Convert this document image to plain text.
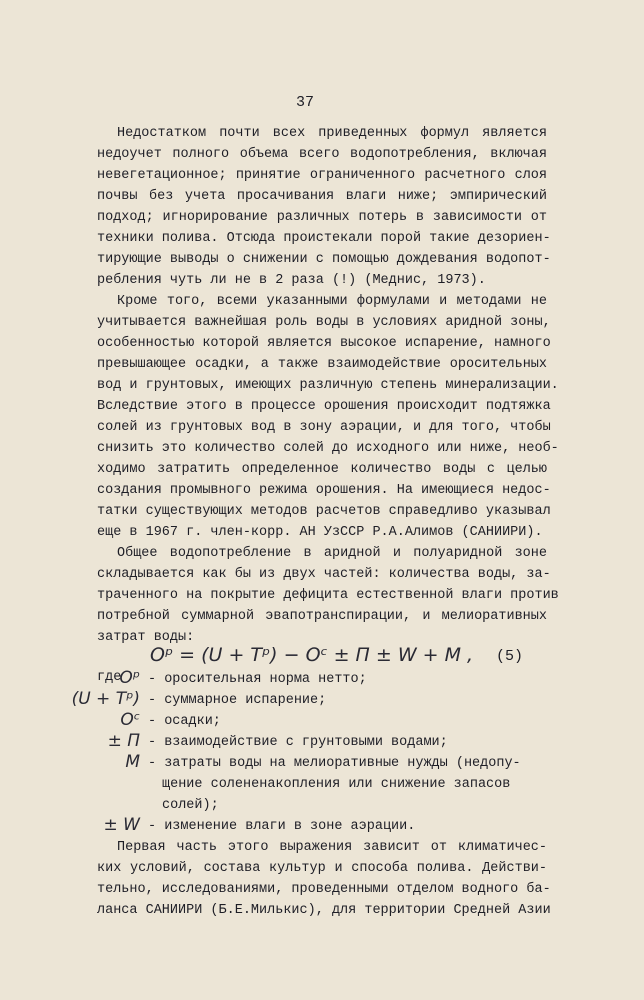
37
Недостатком почти всех приведенных формул является
недоучет полного объема всего водопотребления, включая
невегетационное; принятие ограниченного расчетного слоя
почвы без учета просачивания влаги ниже; эмпирический
подход; игнорирование различных потерь в зависимости от
техники полива. Отсюда проистекали порой такие дезориен-
тирующие выводы о снижении с помощью дождевания водопот-
ребления чуть ли не в 2 раза (!) (Меднис, 1973).
Кроме того, всеми указанными формулами и методами не
учитывается важнейшая роль воды в условиях аридной зоны,
особенностью которой является высокое испарение, намного
превышающее осадки, а также взаимодействие оросительных
вод и грунтовых, имеющих различную степень минерализации.
Вследствие этого в процессе орошения происходит подтяжка
солей из грунтовых вод в зону аэрации, и для того, чтобы
снизить это количество солей до исходного или ниже, необ-
ходимо затратить определенное количество воды с целью
создания промывного режима орошения. На имеющиеся недос-
татки существующих методов расчетов справедливо указывал
еще в 1967 г. член-корр. АН УзССР Р.А.Алимов (САНИИРИ).
Общее водопотребление в аридной и полуаридной зоне
складывается как бы из двух частей: количества воды, за-
траченного на покрытие дефицита естественной влаги против
потребной суммарной эвапотранспирации, и мелиоративных
затрат воды:
Oᵖ = (U + Tᵖ) − Oᶜ ± П ± W + M , (5)
где
Oᵖ - оросительная норма нетто;
(U + Tᵖ) - суммарное испарение;
Oᶜ - осадки;
± П - взаимодействие с грунтовыми водами;
M - затраты воды на мелиоративные нужды (недопу-
щение солененакопления или снижение запасов
солей);
± W - изменение влаги в зоне аэрации.
Первая часть этого выражения зависит от климатичес-
ких условий, состава культур и способа полива. Действи-
тельно, исследованиями, проведенными отделом водного ба-
ланса САНИИРИ (Б.Е.Милькис), для территории Средней Азии
